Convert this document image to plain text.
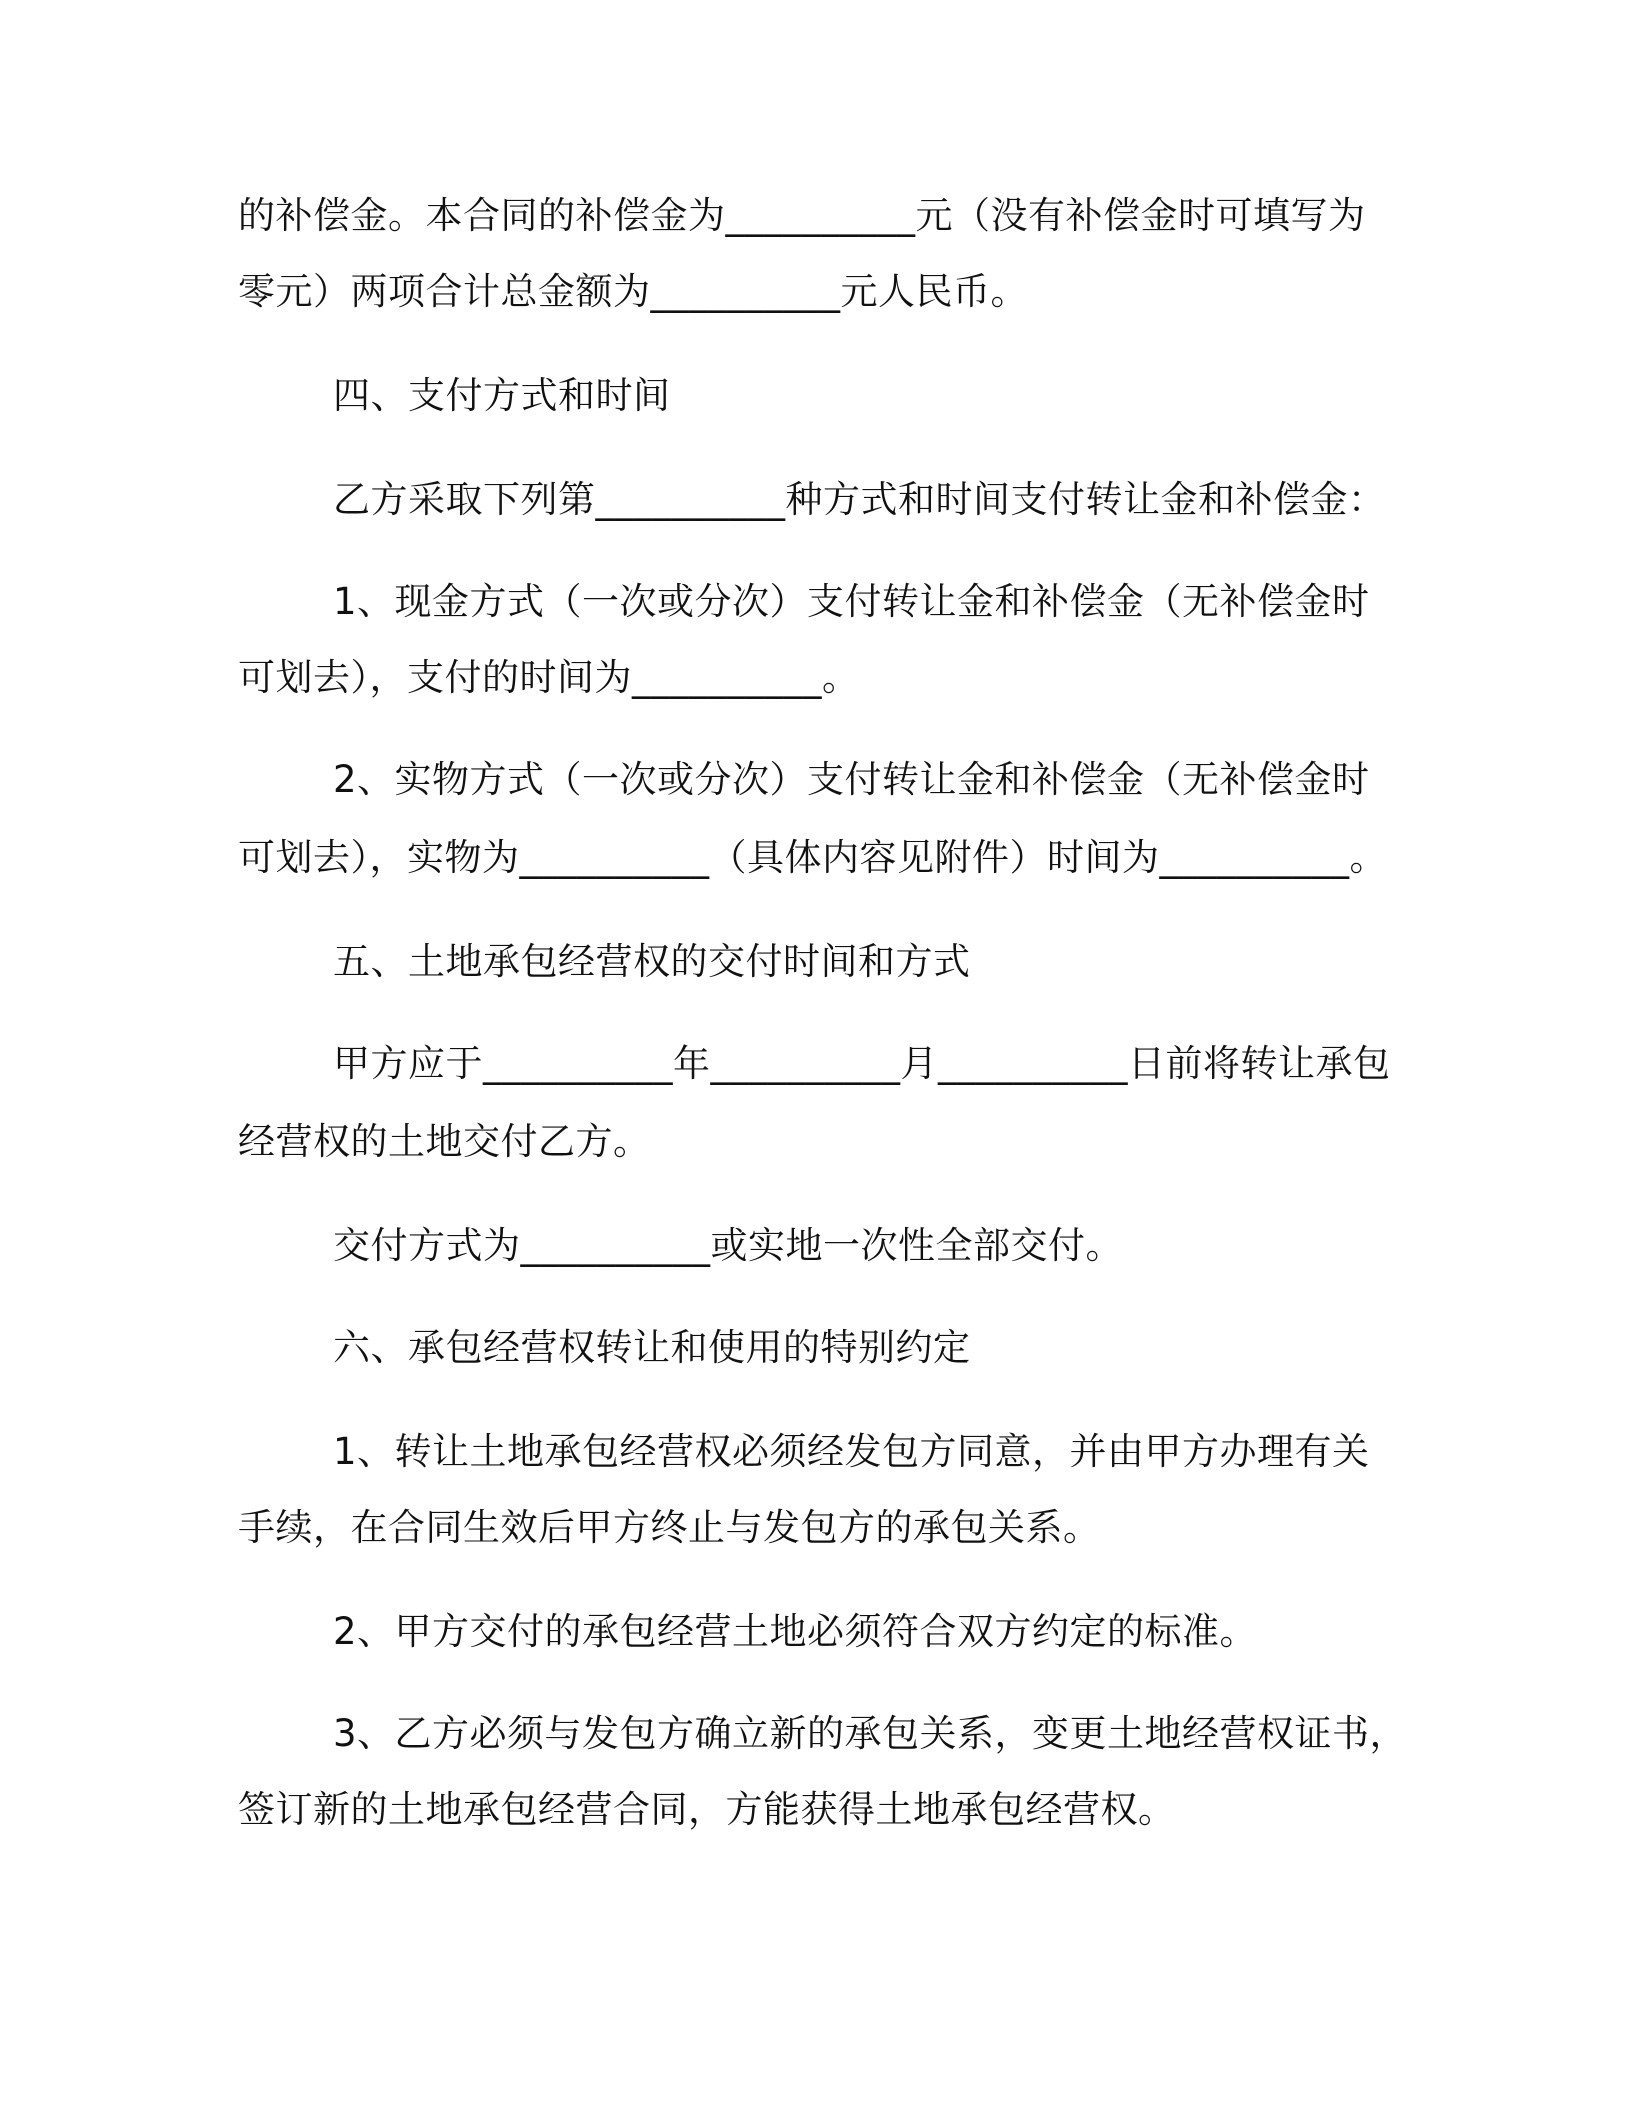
的补偿金。本合同的补偿金为__________元（没有补偿金时可填写为
零元）两项合计总金额为__________元人民币。
四、支付方式和时间
乙方采取下列第__________种方式和时间支付转让金和补偿金：
1、现金方式（一次或分次）支付转让金和补偿金（无补偿金时
可划去），支付的时间为__________。
2、实物方式（一次或分次）支付转让金和补偿金（无补偿金时
可划去），实物为__________（具体内容见附件）时间为__________。
五、土地承包经营权的交付时间和方式
甲方应于__________年__________月__________日前将转让承包
经营权的土地交付乙方。
交付方式为__________或实地一次性全部交付。
六、承包经营权转让和使用的特别约定
1、转让土地承包经营权必须经发包方同意，并由甲方办理有关
手续，在合同生效后甲方终止与发包方的承包关系。
2、甲方交付的承包经营土地必须符合双方约定的标准。
3、乙方必须与发包方确立新的承包关系，变更土地经营权证书，
签订新的土地承包经营合同，方能获得土地承包经营权。
